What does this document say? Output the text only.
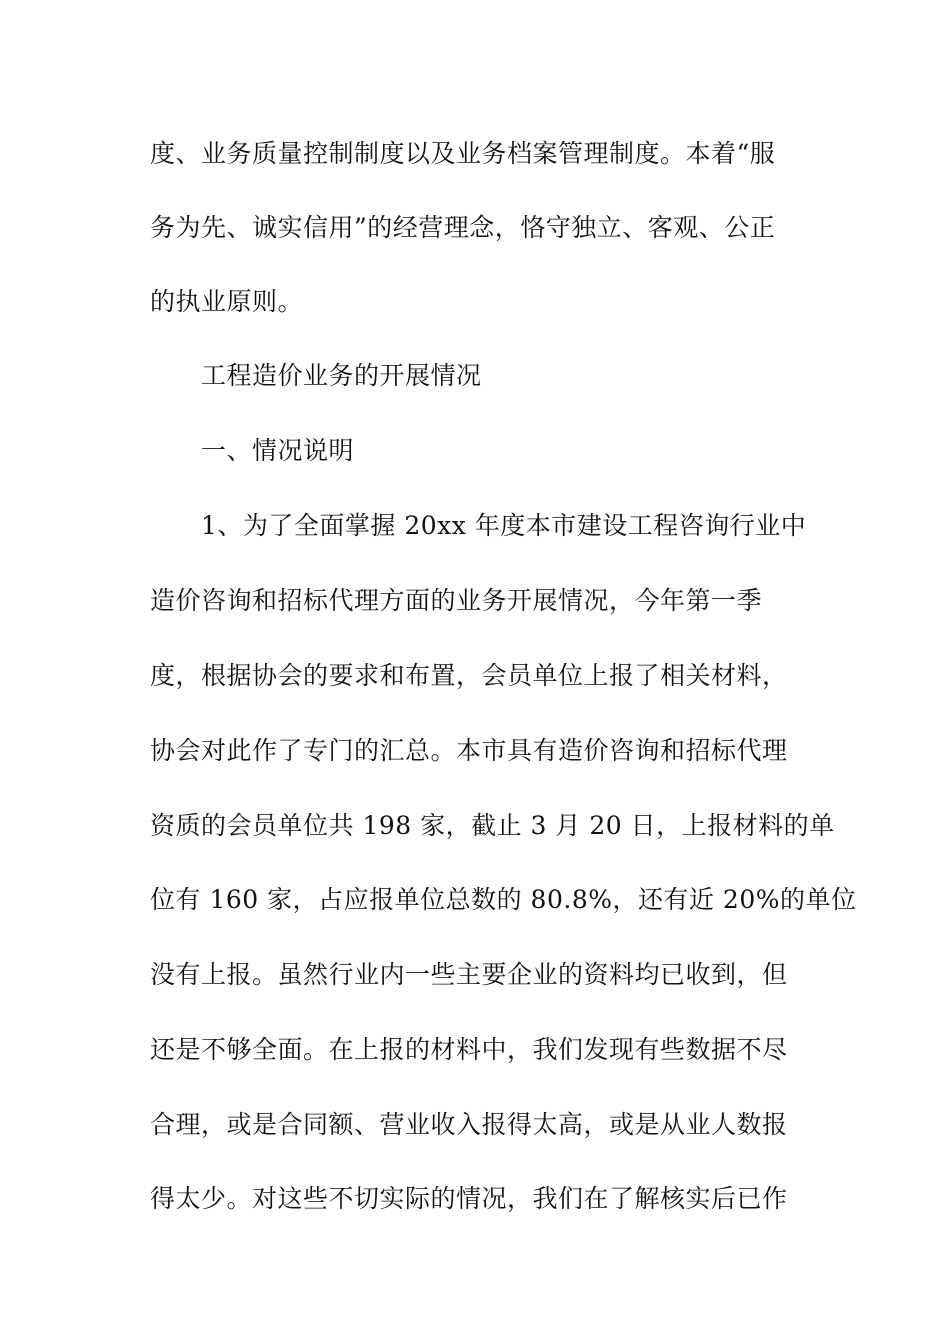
度、业务质量控制制度以及业务档案管理制度。本着“服
务为先、诚实信用”的经营理念，恪守独立、客观、公正
的执业原则。
工程造价业务的开展情况
一、情况说明
1、为了全面掌握 20xx 年度本市建设工程咨询行业中
造价咨询和招标代理方面的业务开展情况，今年第一季
度，根据协会的要求和布置，会员单位上报了相关材料，
协会对此作了专门的汇总。本市具有造价咨询和招标代理
资质的会员单位共 198 家，截止 3 月 20 日，上报材料的单
位有 160 家，占应报单位总数的 80.8%，还有近 20%的单位
没有上报。虽然行业内一些主要企业的资料均已收到，但
还是不够全面。在上报的材料中，我们发现有些数据不尽
合理，或是合同额、营业收入报得太高，或是从业人数报
得太少。对这些不切实际的情况，我们在了解核实后已作
